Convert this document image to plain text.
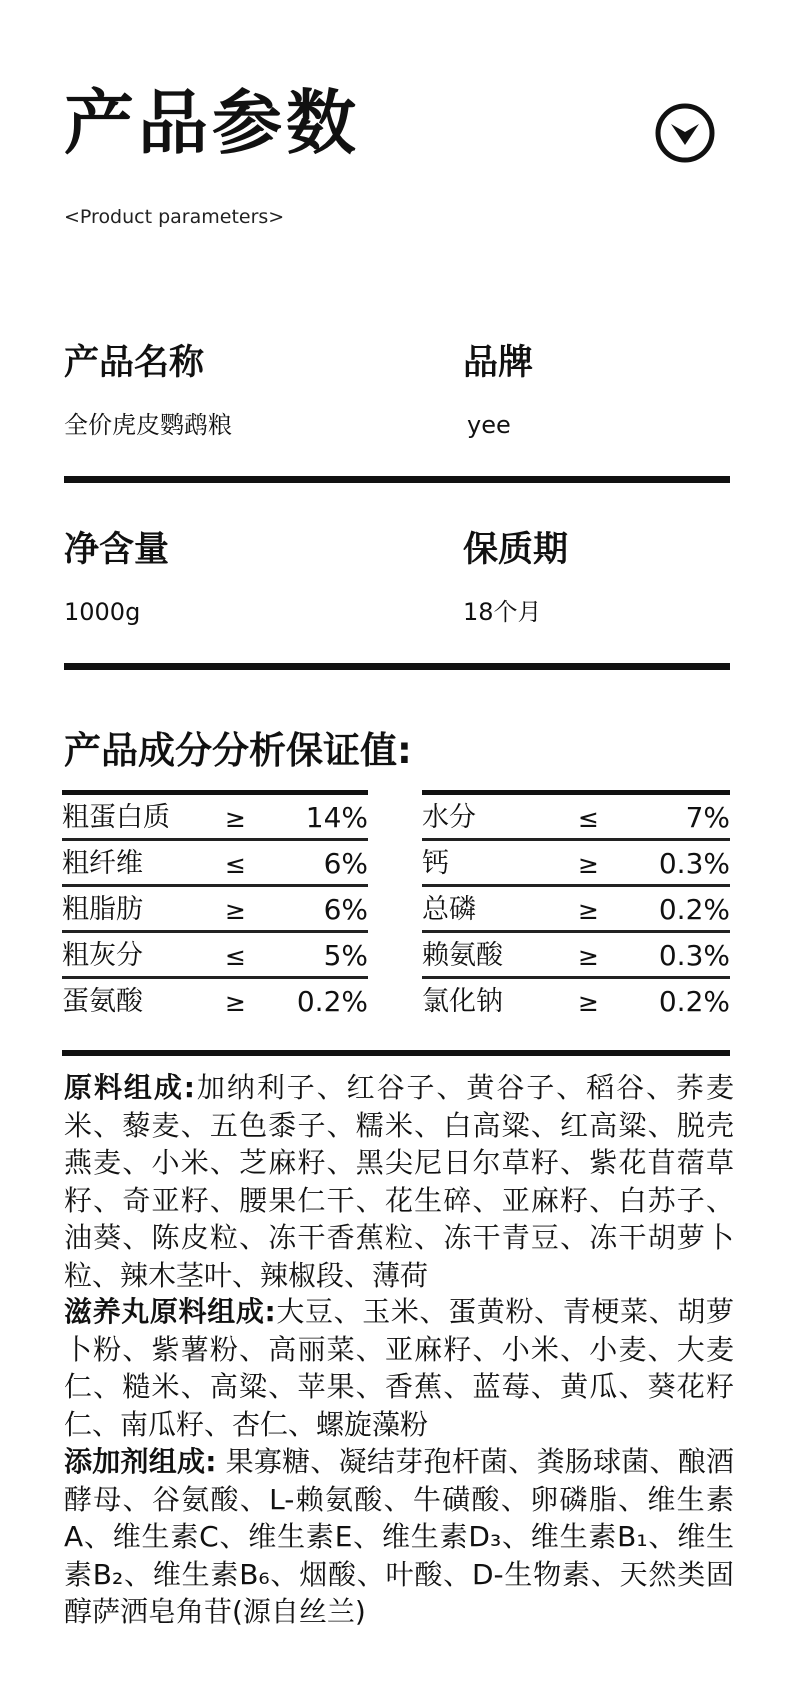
产品参数
<Product parameters>
产品名称
全价虎皮鹦鹉粮
品牌
yee
净含量
1000g
保质期
18个月
产品成分分析保证值:
粗蛋白质 ≥ 14%
粗纤维	≤	6%
粗脂肪	≥	6%
粗灰分	≤	5%
蛋氨酸	≥ 0.2%
水分	≤	7%
钙	≥ 0.3%
总磷	≥ 0.2%
赖氨酸	≥ 0.3%
氯化钠	≥ 0.2%
原料组成:加纳利子、红谷子、黄谷子、稻谷、荞麦米、藜麦、五色黍子、糯米、白高粱、红高粱、脱壳燕麦、小米、芝麻籽、黑尖尼日尔草籽、紫花苜蓿草籽、奇亚籽、腰果仁干、花生碎、亚麻籽、白苏子、油葵、陈皮粒、冻干香蕉粒、冻干青豆、冻干胡萝卜粒、辣木茎叶、辣椒段、薄荷
滋养丸原料组成:大豆、玉米、蛋黄粉、青梗菜、胡萝卜粉、紫薯粉、高丽菜、亚麻籽、小米、小麦、大麦仁、糙米、高粱、苹果、香蕉、蓝莓、黄瓜、葵花籽仁、南瓜籽、杏仁、螺旋藻粉
添加剂组成: 果寡糖、凝结芽孢杆菌、粪肠球菌、酿酒酵母、谷氨酸、L-赖氨酸、牛磺酸、卵磷脂、维生素A、维生素C、维生素E、维生素D₃、维生素B₁、维生素B₂、维生素B₆、烟酸、叶酸、D-生物素、天然类固醇萨洒皂角苷(源自丝兰)
